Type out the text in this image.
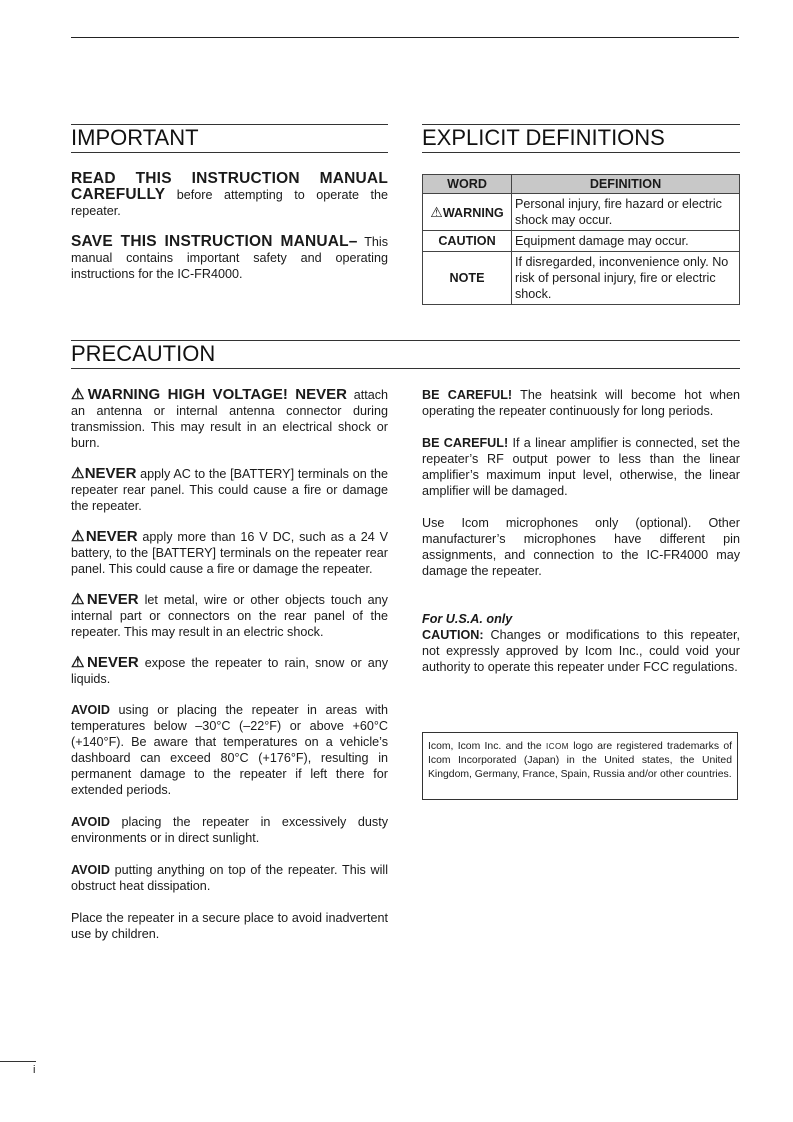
IMPORTANT

READ THIS INSTRUCTION MANUAL CAREFULLY before attempting to operate the repeater.

SAVE THIS INSTRUCTION MANUAL– This manual contains important safety and operating instructions for the IC-FR4000.

EXPLICIT DEFINITIONS
WORD	DEFINITION
⚠WARNING	Personal injury, fire hazard or electric shock may occur.
CAUTION	Equipment damage may occur.
NOTE	If disregarded, inconvenience only. No risk of personal injury, fire or electric shock.
PRECAUTION

⚠WARNING HIGH VOLTAGE! NEVER attach an antenna or internal antenna connector during transmission. This may result in an electrical shock or burn.

⚠NEVER apply AC to the [BATTERY] terminals on the repeater rear panel. This could cause a fire or damage the repeater.

⚠NEVER apply more than 16 V DC, such as a 24 V battery, to the [BATTERY] terminals on the repeater rear panel. This could cause a fire or damage the repeater.

⚠NEVER let metal, wire or other objects touch any internal part or connectors on the rear panel of the repeater. This may result in an electric shock.

⚠NEVER expose the repeater to rain, snow or any liquids.

AVOID using or placing the repeater in areas with temperatures below –30°C (–22°F) or above +60°C (+140°F). Be aware that temperatures on a vehicle’s dashboard can exceed 80°C (+176°F), resulting in permanent damage to the repeater if left there for extended periods.

AVOID placing the repeater in excessively dusty environments or in direct sunlight.

AVOID putting anything on top of the repeater. This will obstruct heat dissipation.

Place the repeater in a secure place to avoid inadvertent use by children.

BE CAREFUL! The heatsink will become hot when operating the repeater continuously for long periods.

BE CAREFUL! If a linear amplifier is connected, set the repeater’s RF output power to less than the linear amplifier’s maximum input level, otherwise, the linear amplifier will be damaged.

Use Icom microphones only (optional). Other manufacturer’s microphones have different pin assignments, and connection to the IC-FR4000 may damage the repeater.

For U.S.A. only

CAUTION: Changes or modifications to this repeater, not expressly approved by Icom Inc., could void your authority to operate this repeater under FCC regulations.

Icom, Icom Inc. and the ICOM logo are registered trademarks of Icom Incorporated (Japan) in the United states, the United Kingdom, Germany, France, Spain, Russia and/or other countries.
i
